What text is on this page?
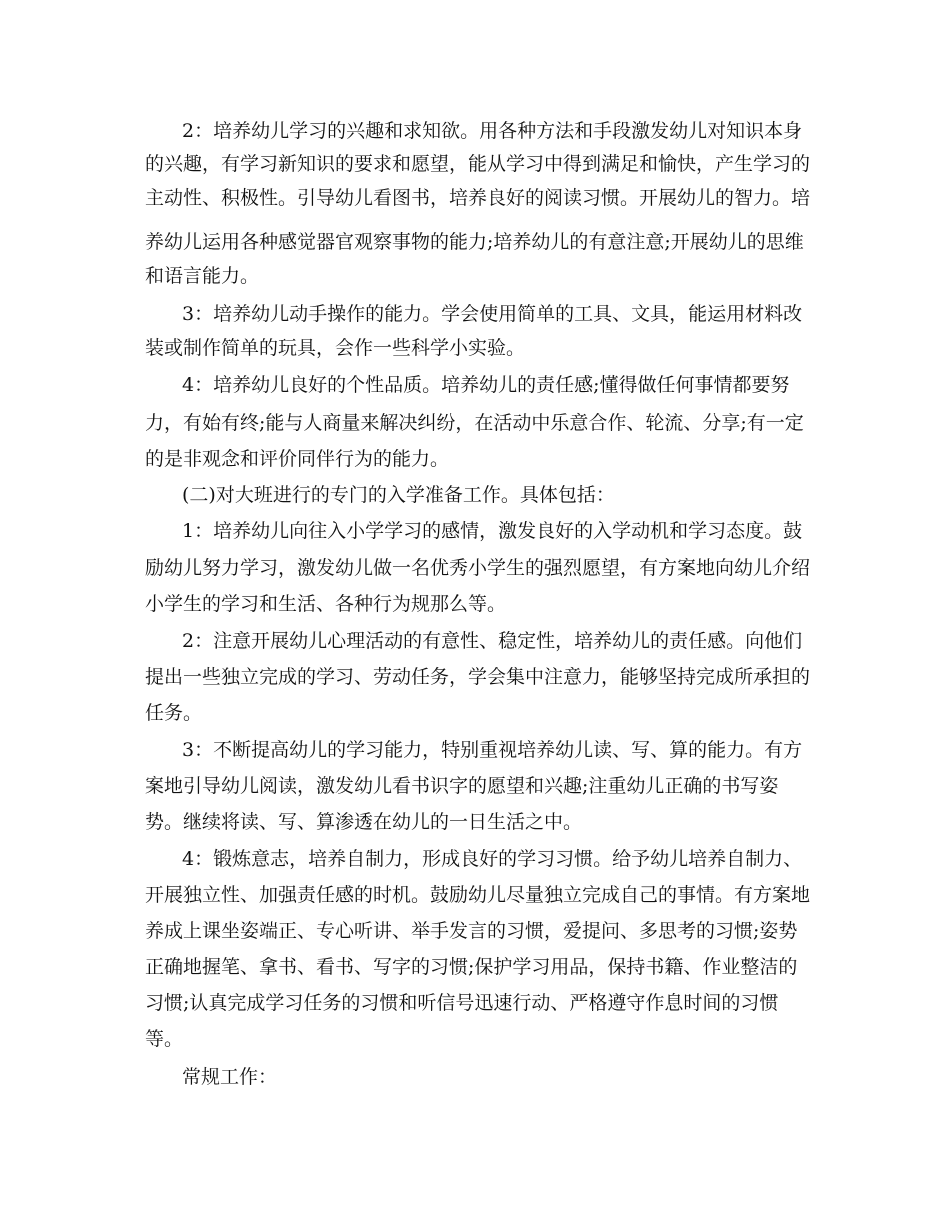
2：培养幼儿学习的兴趣和求知欲。用各种方法和手段激发幼儿对知识本身
的兴趣，有学习新知识的要求和愿望，能从学习中得到满足和愉快，产生学习的
主动性、积极性。引导幼儿看图书，培养良好的阅读习惯。开展幼儿的智力。培
养幼儿运用各种感觉器官观察事物的能力;培养幼儿的有意注意;开展幼儿的思维
和语言能力。
3：培养幼儿动手操作的能力。学会使用简单的工具、文具，能运用材料改
装或制作简单的玩具，会作一些科学小实验。
4：培养幼儿良好的个性品质。培养幼儿的责任感;懂得做任何事情都要努
力，有始有终;能与人商量来解决纠纷，在活动中乐意合作、轮流、分享;有一定
的是非观念和评价同伴行为的能力。
(二)对大班进行的专门的入学准备工作。具体包括：
1：培养幼儿向往入小学学习的感情，激发良好的入学动机和学习态度。鼓
励幼儿努力学习，激发幼儿做一名优秀小学生的强烈愿望，有方案地向幼儿介绍
小学生的学习和生活、各种行为规那么等。
2：注意开展幼儿心理活动的有意性、稳定性，培养幼儿的责任感。向他们
提出一些独立完成的学习、劳动任务，学会集中注意力，能够坚持完成所承担的
任务。
3：不断提高幼儿的学习能力，特别重视培养幼儿读、写、算的能力。有方
案地引导幼儿阅读，激发幼儿看书识字的愿望和兴趣;注重幼儿正确的书写姿
势。继续将读、写、算渗透在幼儿的一日生活之中。
4：锻炼意志，培养自制力，形成良好的学习习惯。给予幼儿培养自制力、
开展独立性、加强责任感的时机。鼓励幼儿尽量独立完成自己的事情。有方案地
养成上课坐姿端正、专心听讲、举手发言的习惯，爱提问、多思考的习惯;姿势
正确地握笔、拿书、看书、写字的习惯;保护学习用品，保持书籍、作业整洁的
习惯;认真完成学习任务的习惯和听信号迅速行动、严格遵守作息时间的习惯
等。
常规工作：
